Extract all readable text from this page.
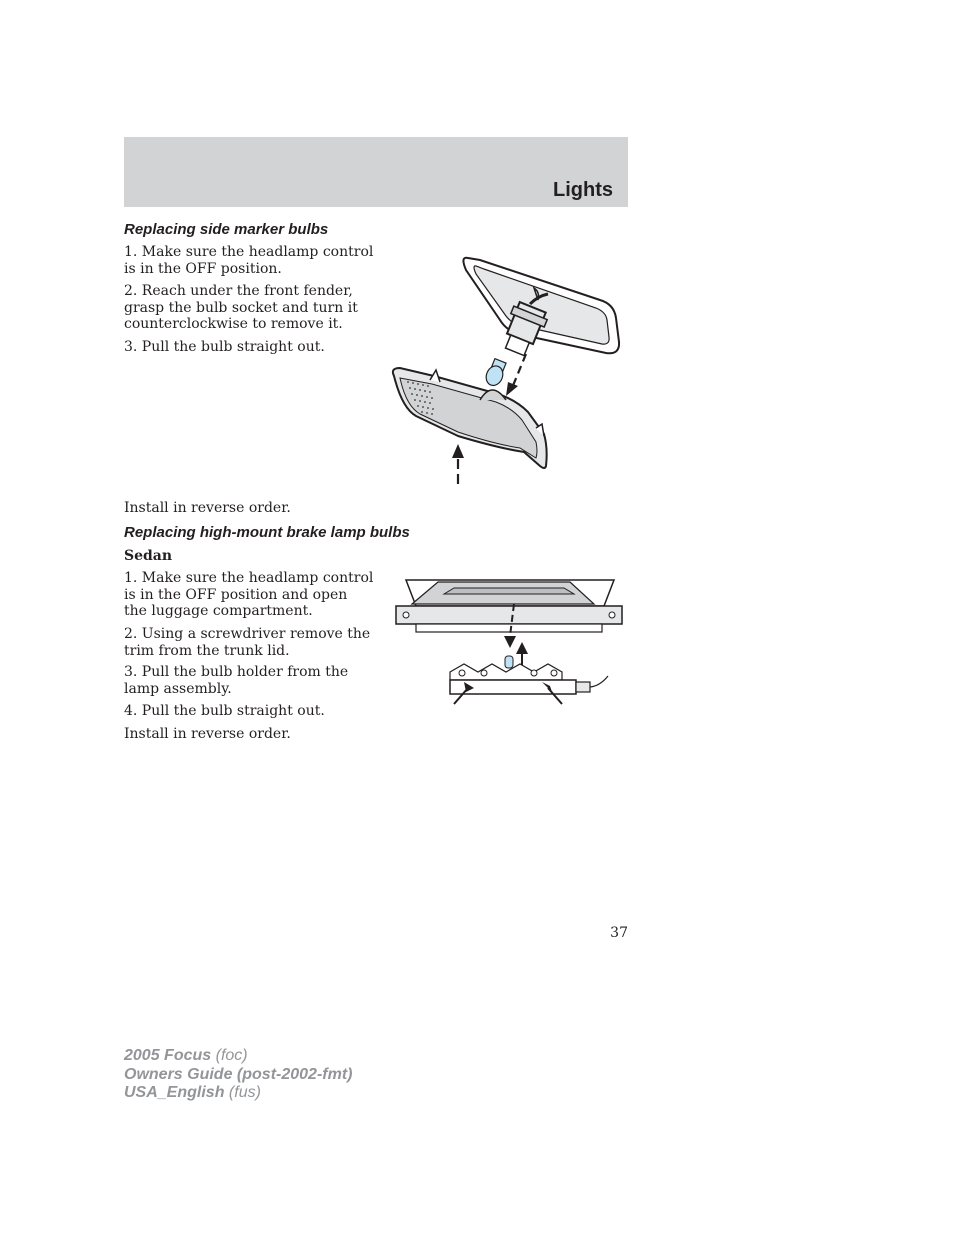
Lights
Replacing side marker bulbs

1. Make sure the headlamp control is in the OFF position.

2. Reach under the front fender, grasp the bulb socket and turn it counterclockwise to remove it.

3. Pull the bulb straight out.

Install in reverse order.

Replacing high-mount brake lamp bulbs

Sedan

1. Make sure the headlamp control is in the OFF position and open the luggage compartment.

2. Using a screwdriver remove the trim from the trunk lid.

3. Pull the bulb holder from the lamp assembly.

4. Pull the bulb straight out.

Install in reverse order.

37

2005 Focus (foc)
Owners Guide (post-2002-fmt)
USA_English (fus)
